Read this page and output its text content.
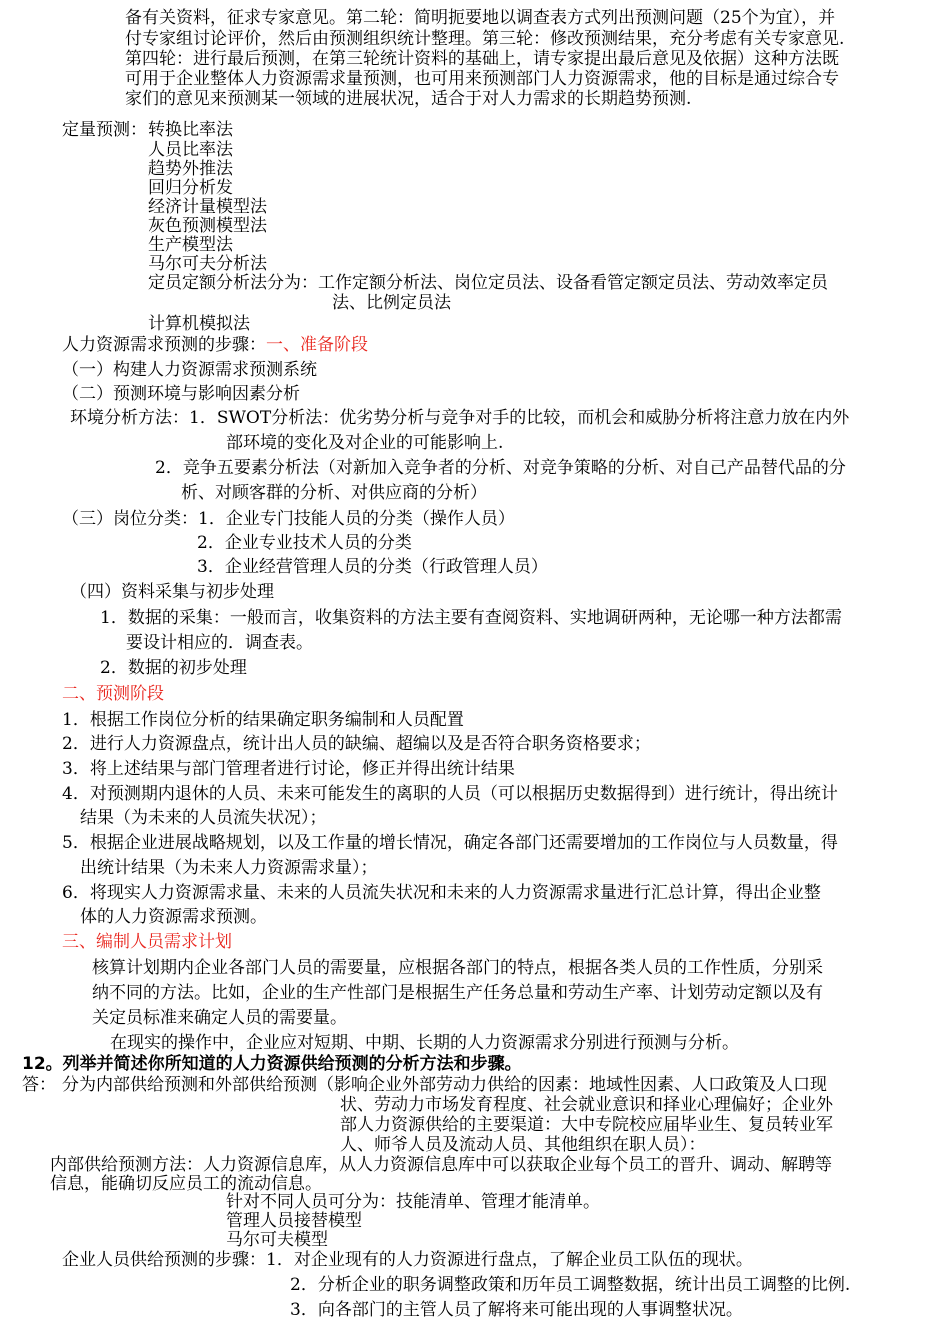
备有关资料，征求专家意见。第二轮：简明扼要地以调查表方式列出预测问题（25个为宜），并

付专家组讨论评价，然后由预测组织统计整理。第三轮：修改预测结果，充分考虑有关专家意见.

第四轮：进行最后预测，在第三轮统计资料的基础上，请专家提出最后意见及依据）这种方法既

可用于企业整体人力资源需求量预测，也可用来预测部门人力资源需求，他的目标是通过综合专

家们的意见来预测某一领域的进展状况，适合于对人力需求的长期趋势预测.

定量预测： 转换比率法

人员比率法

趋势外推法

回归分析发

经济计量模型法

灰色预测模型法

生产模型法

马尔可夫分析法

定员定额分析法分为：工作定额分析法、岗位定员法、设备看管定额定员法、劳动效率定员

法、比例定员法

计算机模拟法

人力资源需求预测的步骤：一、准备阶段

（一）构建人力资源需求预测系统

（二）预测环境与影响因素分析

环境分析方法：1．SWOT分析法：优劣势分析与竞争对手的比较，而机会和威胁分析将注意力放在内外

部环境的变化及对企业的可能影响上.

2．竞争五要素分析法（对新加入竞争者的分析、对竞争策略的分析、对自己产品替代品的分

析、对顾客群的分析、对供应商的分析）

（三）岗位分类：1．企业专门技能人员的分类（操作人员）

2．企业专业技术人员的分类

3．企业经营管理人员的分类（行政管理人员）

（四）资料采集与初步处理

1．数据的采集：一般而言，收集资料的方法主要有查阅资料、实地调研两种，无论哪一种方法都需

要设计相应的．调查表。

2．数据的初步处理

二、预测阶段

1．根据工作岗位分析的结果确定职务编制和人员配置

2．进行人力资源盘点，统计出人员的缺编、超编以及是否符合职务资格要求；

3．将上述结果与部门管理者进行讨论，修正并得出统计结果

4．对预测期内退休的人员、未来可能发生的离职的人员（可以根据历史数据得到）进行统计，得出统计

结果（为未来的人员流失状况）；

5．根据企业进展战略规划，以及工作量的增长情况，确定各部门还需要增加的工作岗位与人员数量，得

出统计结果（为未来人力资源需求量）；

6．将现实人力资源需求量、未来的人员流失状况和未来的人力资源需求量进行汇总计算，得出企业整

体的人力资源需求预测。

三、编制人员需求计划

核算计划期内企业各部门人员的需要量，应根据各部门的特点，根据各类人员的工作性质，分别采

纳不同的方法。比如，企业的生产性部门是根据生产任务总量和劳动生产率、计划劳动定额以及有

关定员标准来确定人员的需要量。

在现实的操作中，企业应对短期、中期、长期的人力资源需求分别进行预测与分析。

12。列举并简述你所知道的人力资源供给预测的分析方法和步骤。

答： 分为内部供给预测和外部供给预测（影响企业外部劳动力供给的因素：地域性因素、人口政策及人口现

状、劳动力市场发育程度、社会就业意识和择业心理偏好；企业外

部人力资源供给的主要渠道：大中专院校应届毕业生、复员转业军

人、师爷人员及流动人员、其他组织在职人员）：

内部供给预测方法：人力资源信息库，从人力资源信息库中可以获取企业每个员工的晋升、调动、解聘等

信息，能确切反应员工的流动信息。

针对不同人员可分为：技能清单、管理才能清单。

管理人员接替模型

马尔可夫模型

企业人员供给预测的步骤：1．对企业现有的人力资源进行盘点，了解企业员工队伍的现状。

2．分析企业的职务调整政策和历年员工调整数据，统计出员工调整的比例.

3．向各部门的主管人员了解将来可能出现的人事调整状况。
